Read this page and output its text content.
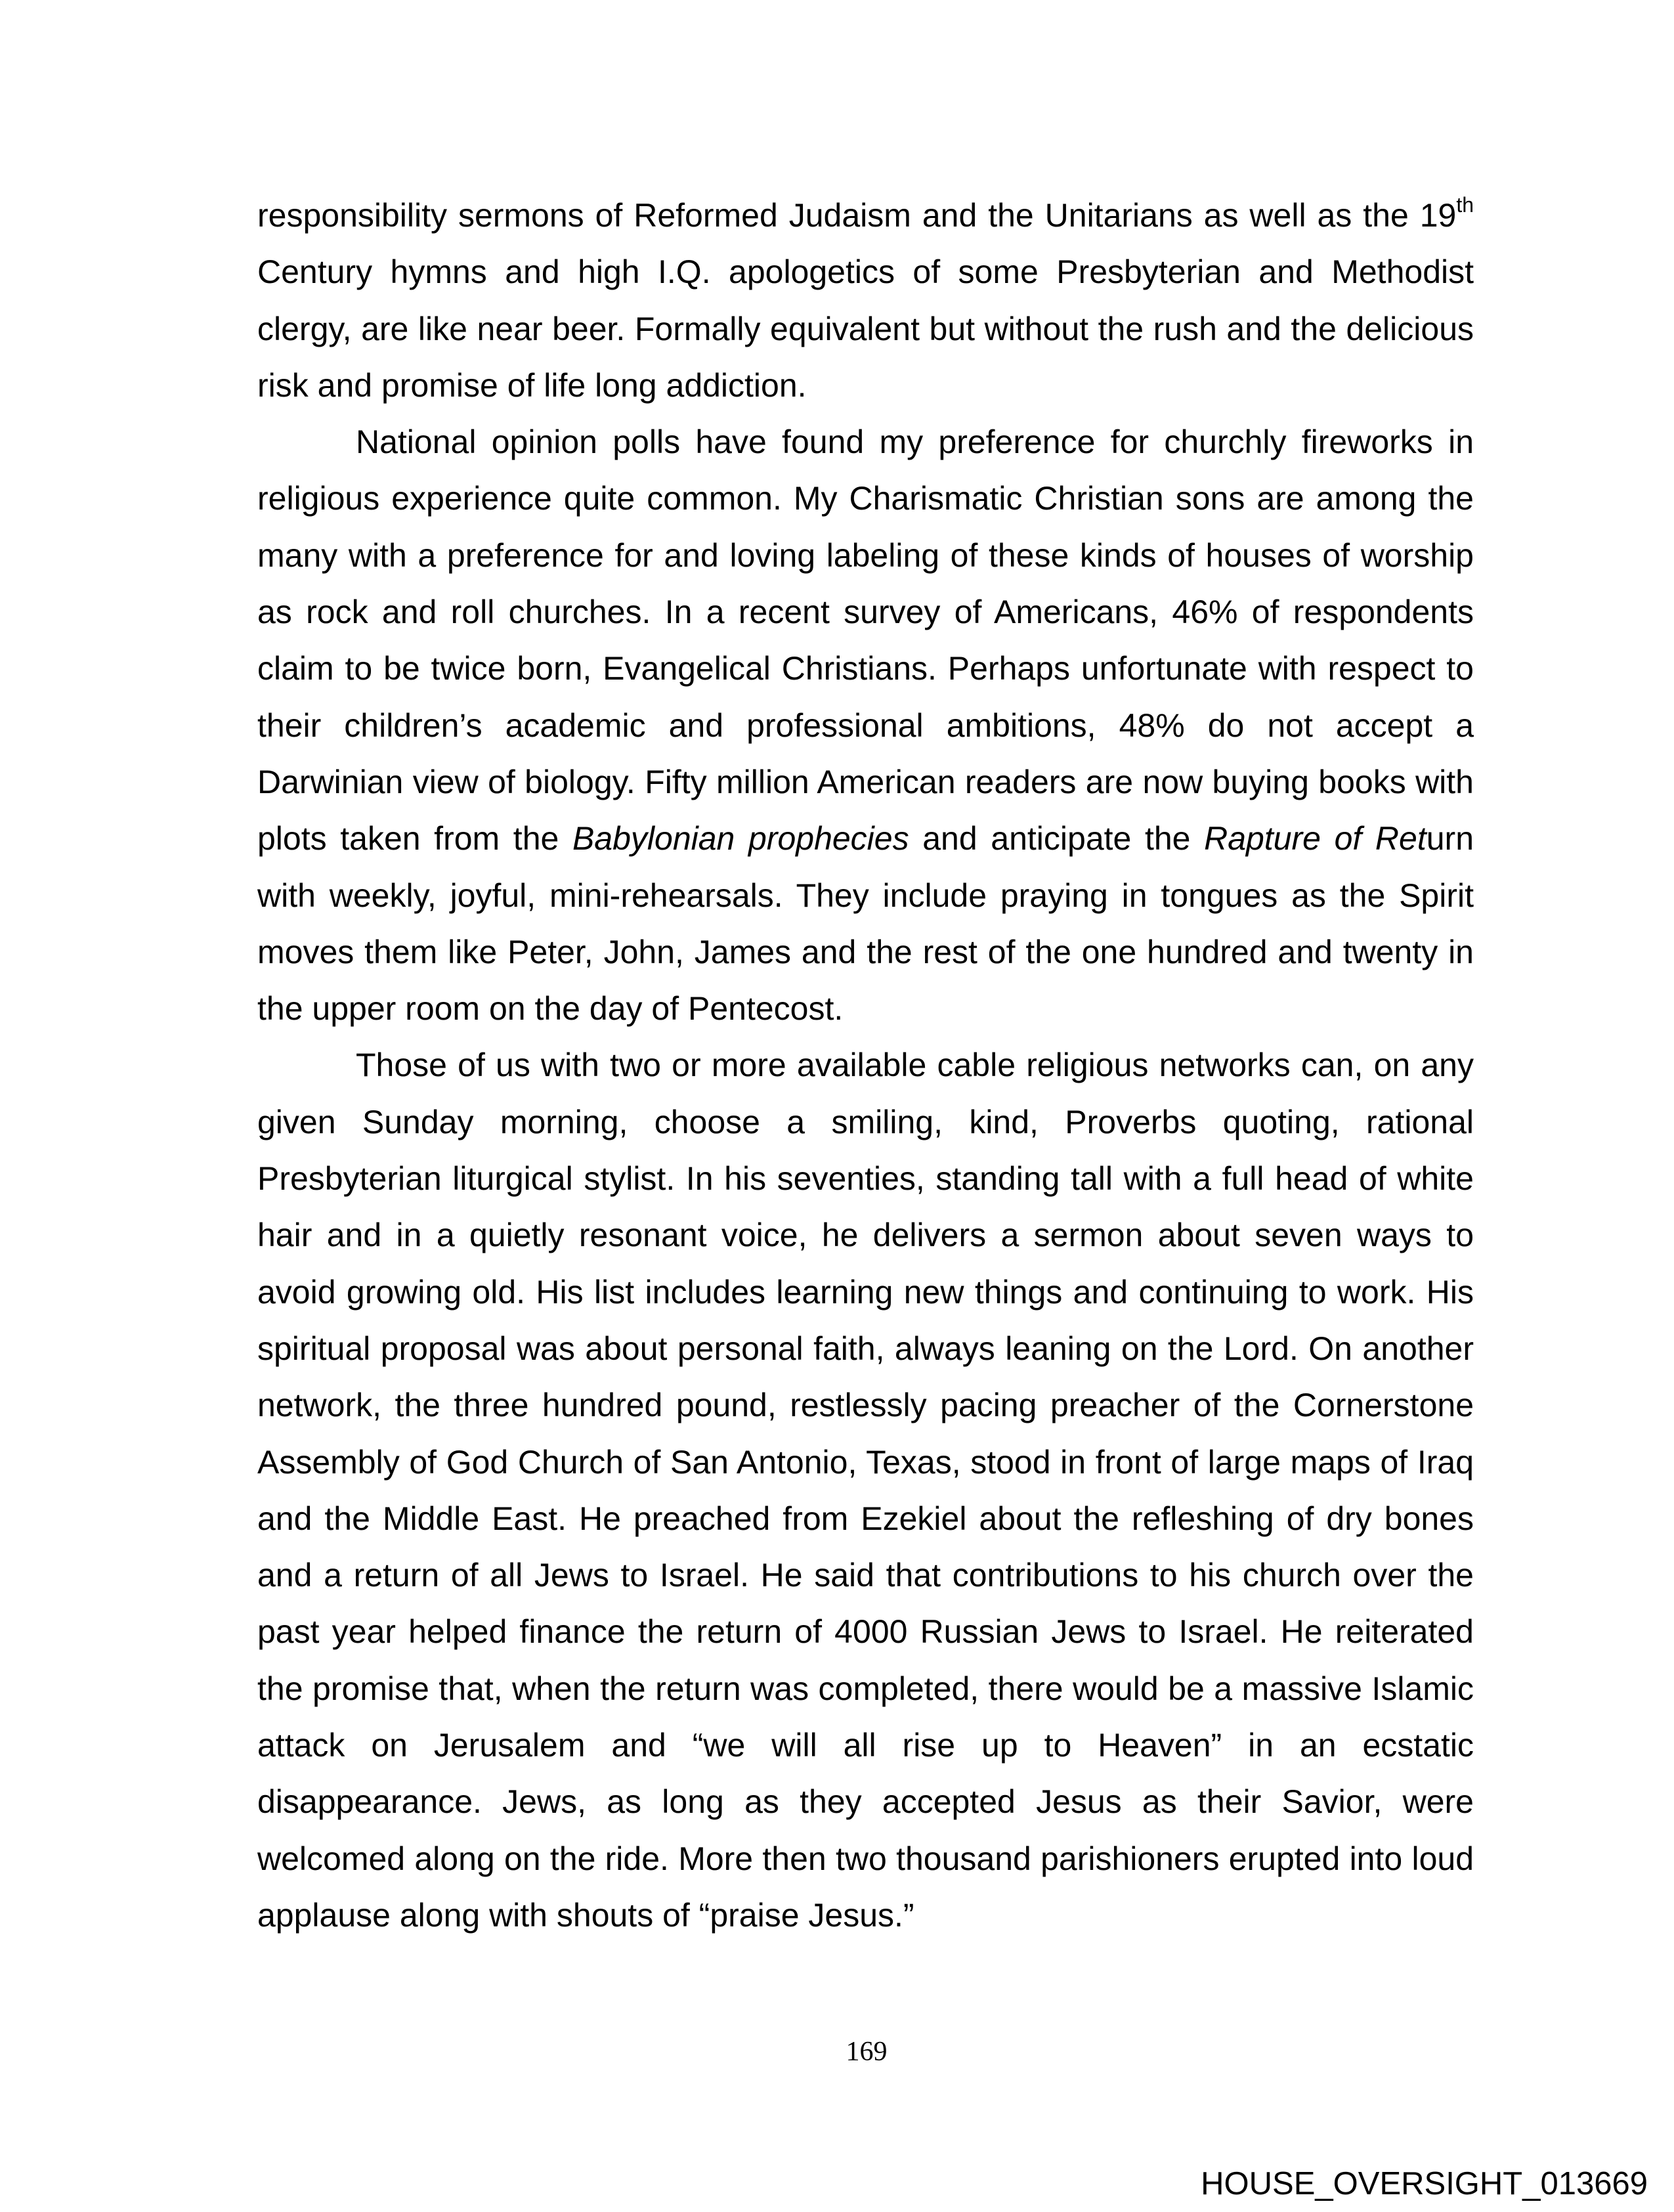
responsibility sermons of Reformed Judaism and the Unitarians as well as the 19th Century hymns and high I.Q. apologetics of some Presbyterian and Methodist clergy, are like near beer. Formally equivalent but without the rush and the delicious risk and promise of life long addiction.

National opinion polls have found my preference for churchly fireworks in religious experience quite common. My Charismatic Christian sons are among the many with a preference for and loving labeling of these kinds of houses of worship as rock and roll churches. In a recent survey of Americans, 46% of respondents claim to be twice born, Evangelical Christians. Perhaps unfortunate with respect to their children’s academic and professional ambitions, 48% do not accept a Darwinian view of biology. Fifty million American readers are now buying books with plots taken from the Babylonian prophecies and anticipate the Rapture of Return with weekly, joyful, mini-rehearsals. They include praying in tongues as the Spirit moves them like Peter, John, James and the rest of the one hundred and twenty in the upper room on the day of Pentecost.

Those of us with two or more available cable religious networks can, on any given Sunday morning, choose a smiling, kind, Proverbs quoting, rational Presbyterian liturgical stylist. In his seventies, standing tall with a full head of white hair and in a quietly resonant voice, he delivers a sermon about seven ways to avoid growing old. His list includes learning new things and continuing to work. His spiritual proposal was about personal faith, always leaning on the Lord. On another network, the three hundred pound, restlessly pacing preacher of the Cornerstone Assembly of God Church of San Antonio, Texas, stood in front of large maps of Iraq and the Middle East. He preached from Ezekiel about the refleshing of dry bones and a return of all Jews to Israel. He said that contributions to his church over the past year helped finance the return of 4000 Russian Jews to Israel. He reiterated the promise that, when the return was completed, there would be a massive Islamic attack on Jerusalem and “we will all rise up to Heaven” in an ecstatic disappearance. Jews, as long as they accepted Jesus as their Savior, were welcomed along on the ride. More then two thousand parishioners erupted into loud applause along with shouts of “praise Jesus.”

169
HOUSE_OVERSIGHT_013669
